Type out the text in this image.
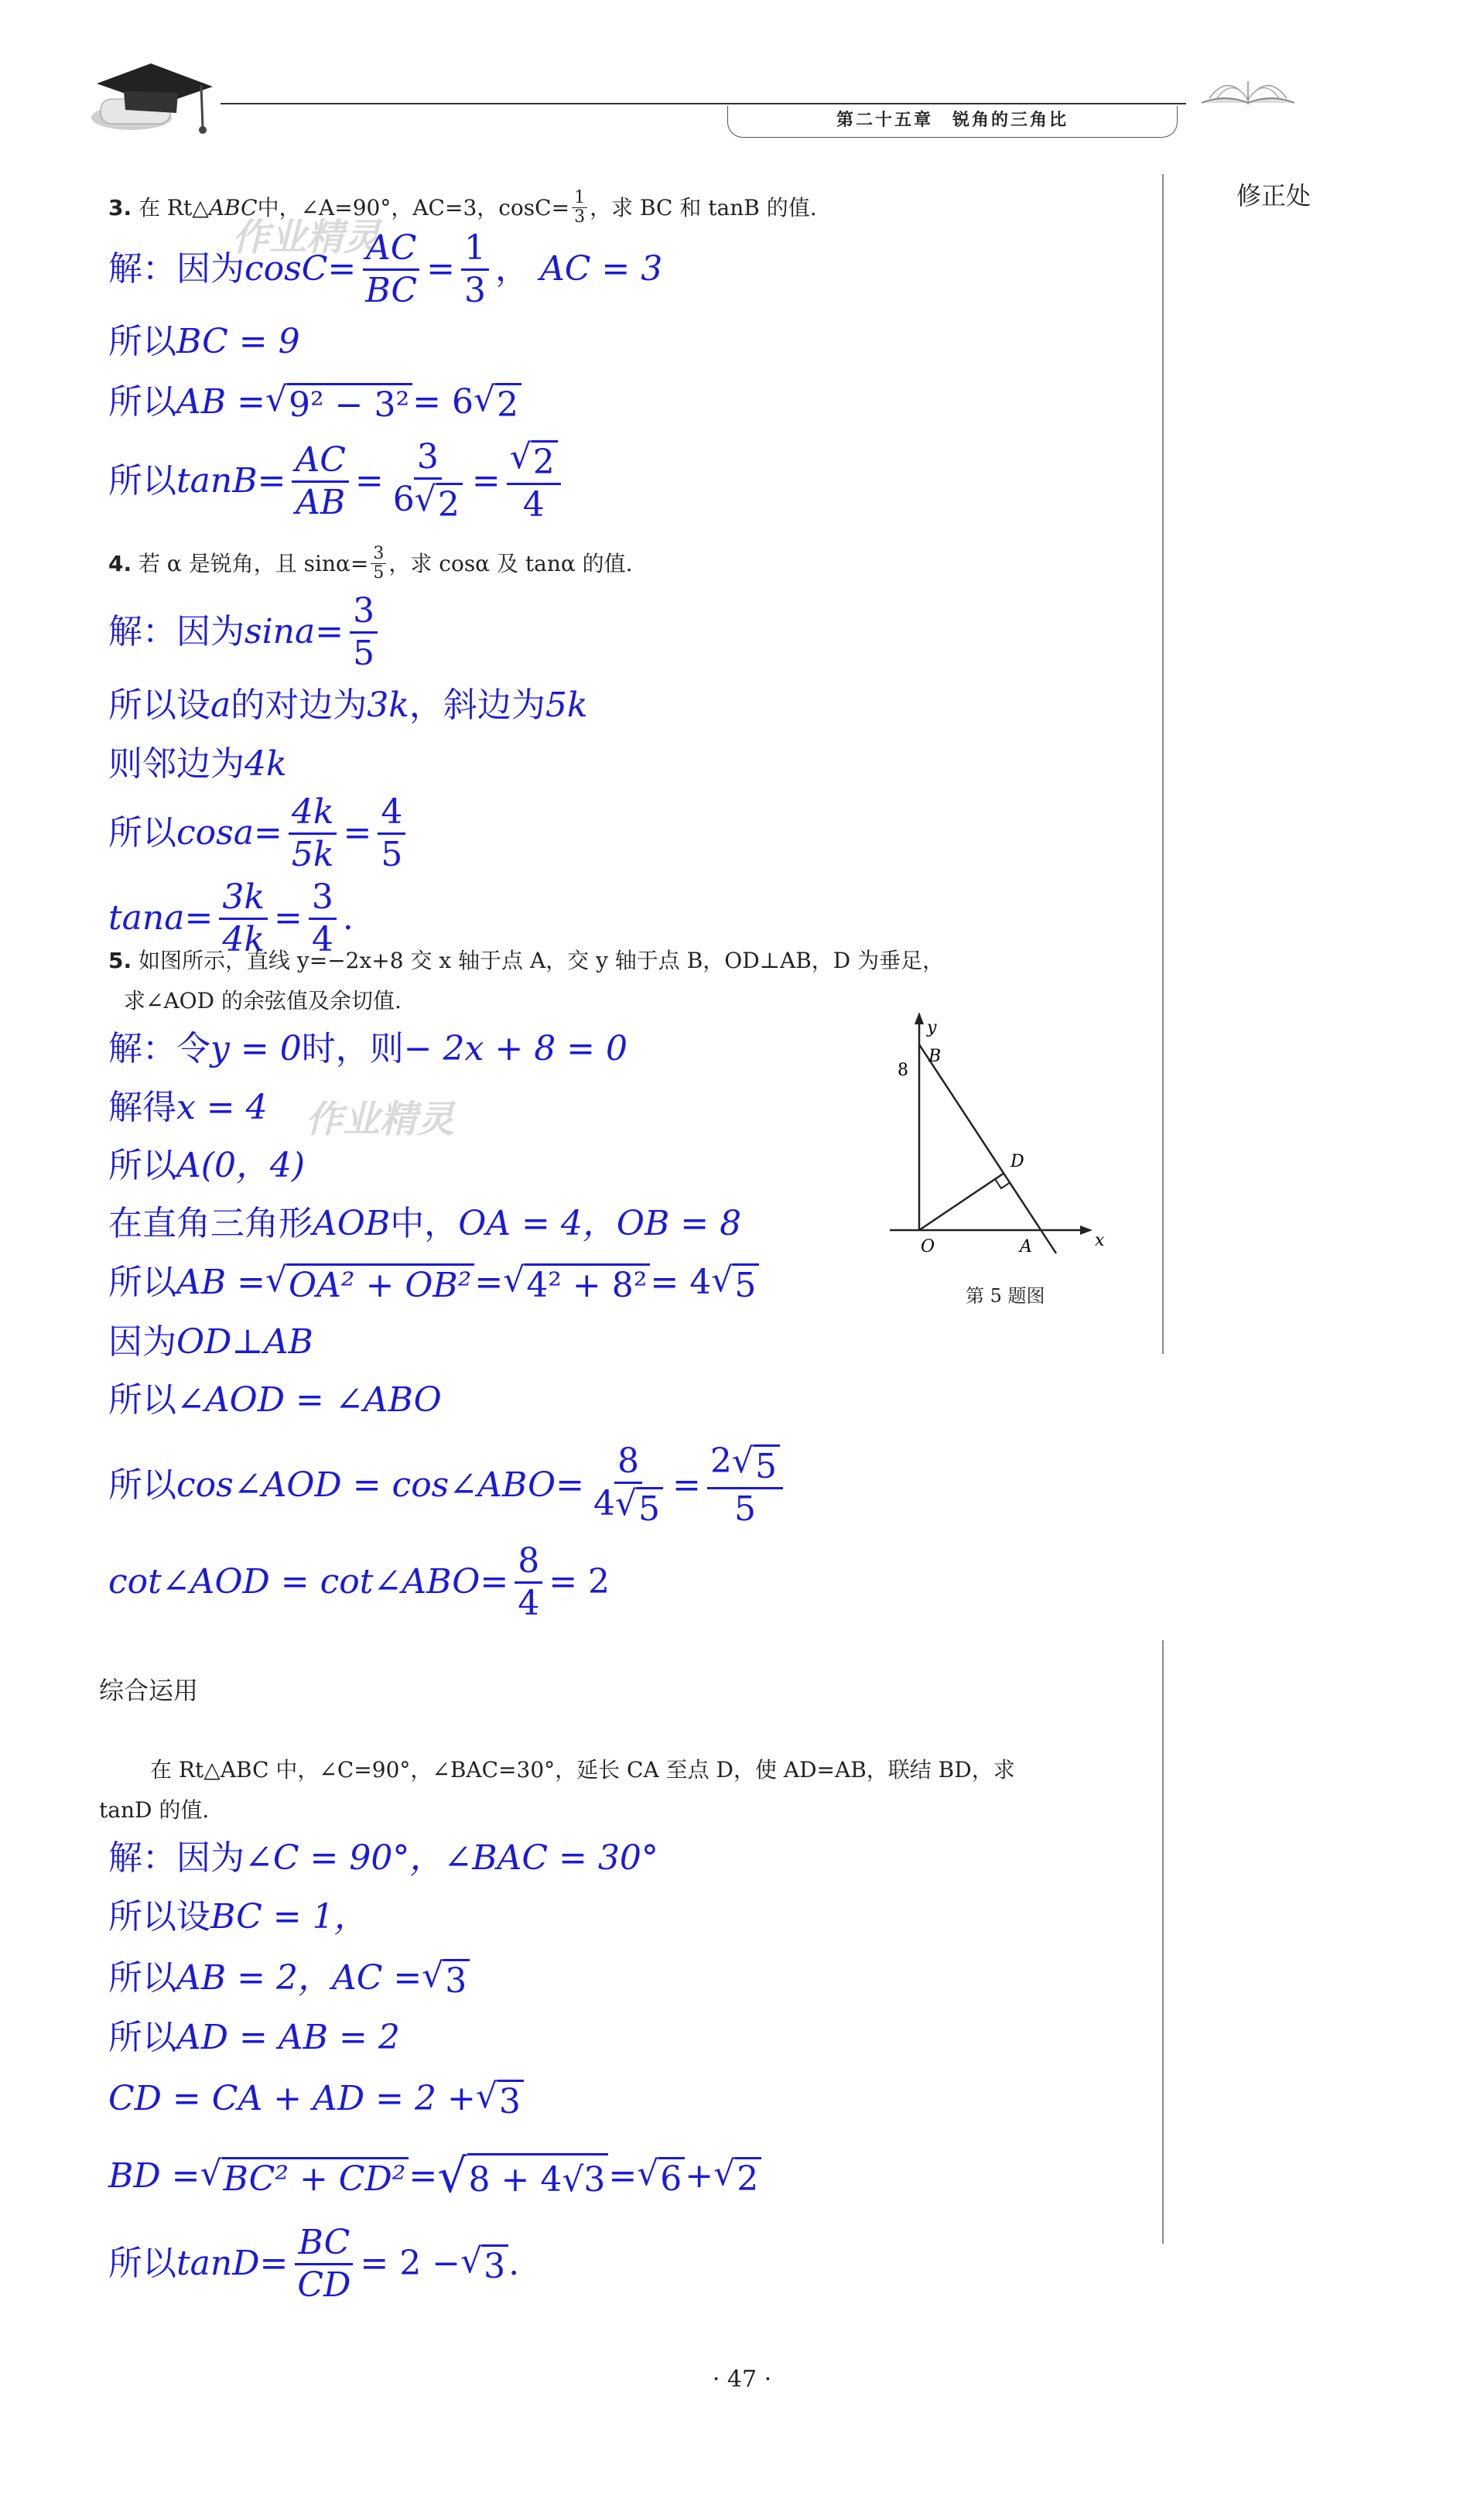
第二十五章　锐角的三角比
修正处
作业精灵
作业精灵
3.
在 Rt△ ABC 中，∠A=90°，AC=3，$\cos C= \frac{1}{3}$ ，求 BC 和 tanB 的值.
解：因为 $\cos C = \frac{AC}{BC} = \frac{1}{3}$ ，
AC = 3
所以 BC = 9
所以 AB = √ 9² − 3² = 6 √ 2
所以 $\tan B = \frac{AC}{AB} = \frac{3}{6 √ 2} = \frac{√ 2}{4}$
4.
若 α 是锐角，且 $\sin\alpha= \frac{3}{5}$ ，求 cosα 及 tanα 的值.
解：因为 $\sin a = \frac{3}{5}$
所以设 a 的对边为 3k ，斜边为 5k
则邻边为 4k
所以 $\cos a = \frac{4k}{5k} = \frac{4}{5}$
$\tan a = \frac{3k}{4k} = \frac{3}{4}$ .
5. 如图所示，直线 y=−2x+8 交 x 轴于点 A，交 y 轴于点 B，OD⊥AB，D 为垂足，
求∠AOD 的余弦值及余切值.
y
x
B
D
O	A
8
第 5 题图
解：令 y = 0 时，则 − 2x + 8 = 0
解得 x = 4
所以 A(0，4)
在直角三角形 AOB 中， OA = 4，OB = 8
所以 AB = √ OA² + OB² = √ 4² + 8² = 4 √ 5
因为 OD⊥AB
所以 ∠AOD = ∠ABO
所以 cos∠AOD = cos∠ABO = $\frac{8}{4 √ 5} = \frac{2 √ 5}{5}$
cot∠AOD = cot∠ABO = $\frac{8}{4} = 2$
综合运用
在 Rt△ABC 中，∠C=90°，∠BAC=30°，延长 CA 至点 D，使 AD=AB，联结 BD，求
tanD 的值.
解：因为 ∠C = 90°，∠BAC = 30°
所以设 BC = 1，
所以 AB = 2，AC = √ 3
所以 AD = AB = 2
CD = CA + AD = 2 + √ 3
BD = √ BC² + CD² = √ 8 + 4√3 = √ 6 + √ 2
所以 $\tan D = \frac{BC}{CD} = 2$ − √ 3 .
· 47 ·
